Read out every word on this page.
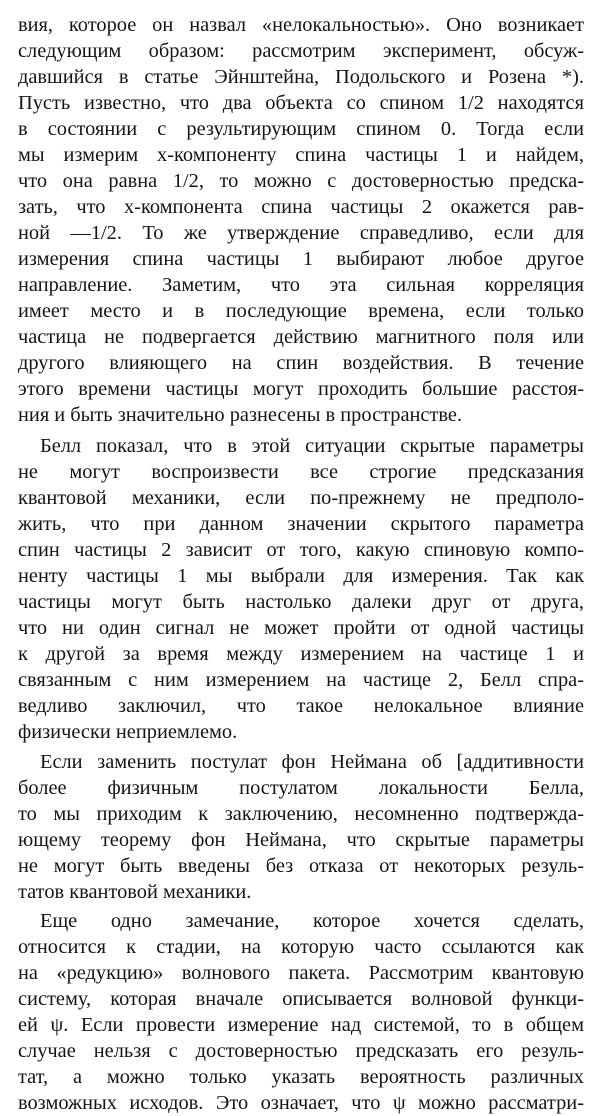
вия, которое он назвал «нелокальностью». Оно возникает
следующим образом: рассмотрим эксперимент, обсуж-
давшийся в статье Эйнштейна, Подольского и Розена *).
Пусть известно, что два объекта со спином 1/2 находятся
в состоянии с результирующим спином 0. Тогда если
мы измерим x-компоненту спина частицы 1 и найдем,
что она равна 1/2, то можно с достоверностью предска-
зать, что x-компонента спина частицы 2 окажется рав-
ной —1/2. То же утверждение справедливо, если для
измерения спина частицы 1 выбирают любое другое
направление. Заметим, что эта сильная корреляция
имеет место и в последующие времена, если только
частица не подвергается действию магнитного поля или
другого влияющего на спин воздействия. В течение
этого времени частицы могут проходить большие расстоя-
ния и быть значительно разнесены в пространстве.
Белл показал, что в этой ситуации скрытые параметры
не могут воспроизвести все строгие предсказания
квантовой механики, если по-прежнему не предполо-
жить, что при данном значении скрытого параметра
спин частицы 2 зависит от того, какую спиновую компо-
ненту частицы 1 мы выбрали для измерения. Так как
частицы могут быть настолько далеки друг от друга,
что ни один сигнал не может пройти от одной частицы
к другой за время между измерением на частице 1 и
связанным с ним измерением на частице 2, Белл спра-
ведливо заключил, что такое нелокальное влияние
физически неприемлемо.
Если заменить постулат фон Неймана об [аддитивности
более физичным постулатом локальности Белла,
то мы приходим к заключению, несомненно подтвержда-
ющему теорему фон Неймана, что скрытые параметры
не могут быть введены без отказа от некоторых резуль-
татов квантовой механики.
Еще одно замечание, которое хочется сделать,
относится к стадии, на которую часто ссылаются как
на «редукцию» волнового пакета. Рассмотрим квантовую
систему, которая вначале описывается волновой функци-
ей ψ. Если провести измерение над системой, то в общем
случае нельзя с достоверностью предсказать его резуль-
тат, а можно только указать вероятность различных
возможных исходов. Это означает, что ψ можно рассматри-
